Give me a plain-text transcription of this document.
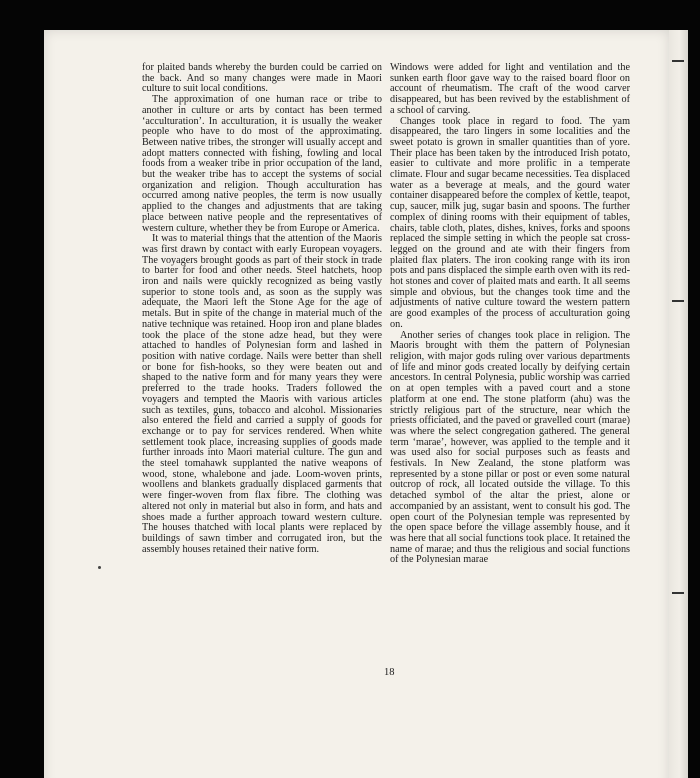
for plaited bands whereby the burden could be carried on the back. And so many changes were made in Maori culture to suit local conditions.

The approximation of one human race or tribe to another in culture or arts by contact has been termed ‘acculturation’. In acculturation, it is usually the weaker people who have to do most of the approximating. Between native tribes, the stronger will usually accept and adopt matters connected with fishing, fowling and local foods from a weaker tribe in prior occupation of the land, but the weaker tribe has to accept the systems of social organization and religion. Though acculturation has occurred among native peoples, the term is now usually applied to the changes and adjustments that are taking place between native people and the representatives of western culture, whether they be from Europe or America.

It was to material things that the attention of the Maoris was first drawn by contact with early European voyagers. The voyagers brought goods as part of their stock in trade to barter for food and other needs. Steel hatchets, hoop iron and nails were quickly recognized as being vastly superior to stone tools and, as soon as the supply was adequate, the Maori left the Stone Age for the age of metals. But in spite of the change in material much of the native technique was retained. Hoop iron and plane blades took the place of the stone adze head, but they were attached to handles of Polynesian form and lashed in position with native cordage. Nails were better than shell or bone for fish-hooks, so they were beaten out and shaped to the native form and for many years they were preferred to the trade hooks. Traders followed the voyagers and tempted the Maoris with various articles such as textiles, guns, tobacco and alcohol. Missionaries also entered the field and carried a supply of goods for exchange or to pay for services rendered. When white settlement took place, increasing supplies of goods made further inroads into Maori material culture. The gun and the steel tomahawk supplanted the native weapons of wood, stone, whalebone and jade. Loom-woven prints, woollens and blankets gradually displaced garments that were finger-woven from flax fibre. The clothing was altered not only in material but also in form, and hats and shoes made a further approach toward western culture. The houses thatched with local plants were replaced by buildings of sawn timber and corrugated iron, but the assembly houses retained their native form.

Windows were added for light and ventilation and the sunken earth floor gave way to the raised board floor on account of rheumatism. The craft of the wood carver disappeared, but has been revived by the establishment of a school of carving.

Changes took place in regard to food. The yam disappeared, the taro lingers in some localities and the sweet potato is grown in smaller quantities than of yore. Their place has been taken by the introduced Irish potato, easier to cultivate and more prolific in a temperate climate. Flour and sugar became necessities. Tea displaced water as a beverage at meals, and the gourd water container disappeared before the complex of kettle, teapot, cup, saucer, milk jug, sugar basin and spoons. The further complex of dining rooms with their equipment of tables, chairs, table cloth, plates, dishes, knives, forks and spoons replaced the simple setting in which the people sat cross-legged on the ground and ate with their fingers from plaited flax platers. The iron cooking range with its iron pots and pans displaced the simple earth oven with its red-hot stones and cover of plaited mats and earth. It all seems simple and obvious, but the changes took time and the adjustments of native culture toward the western pattern are good examples of the process of acculturation going on.

Another series of changes took place in religion. The Maoris brought with them the pattern of Polynesian religion, with major gods ruling over various departments of life and minor gods created locally by deifying certain ancestors. In central Polynesia, public worship was carried on at open temples with a paved court and a stone platform at one end. The stone platform (ahu) was the strictly religious part of the structure, near which the priests officiated, and the paved or gravelled court (marae) was where the select congregation gathered. The general term ‘marae’, however, was applied to the temple and it was used also for social purposes such as feasts and festivals. In New Zealand, the stone platform was represented by a stone pillar or post or even some natural outcrop of rock, all located outside the village. To this detached symbol of the altar the priest, alone or accompanied by an assistant, went to consult his god. The open court of the Polynesian temple was represented by the open space before the village assembly house, and it was here that all social functions took place. It retained the name of marae; and thus the religious and social functions of the Polynesian marae

18
